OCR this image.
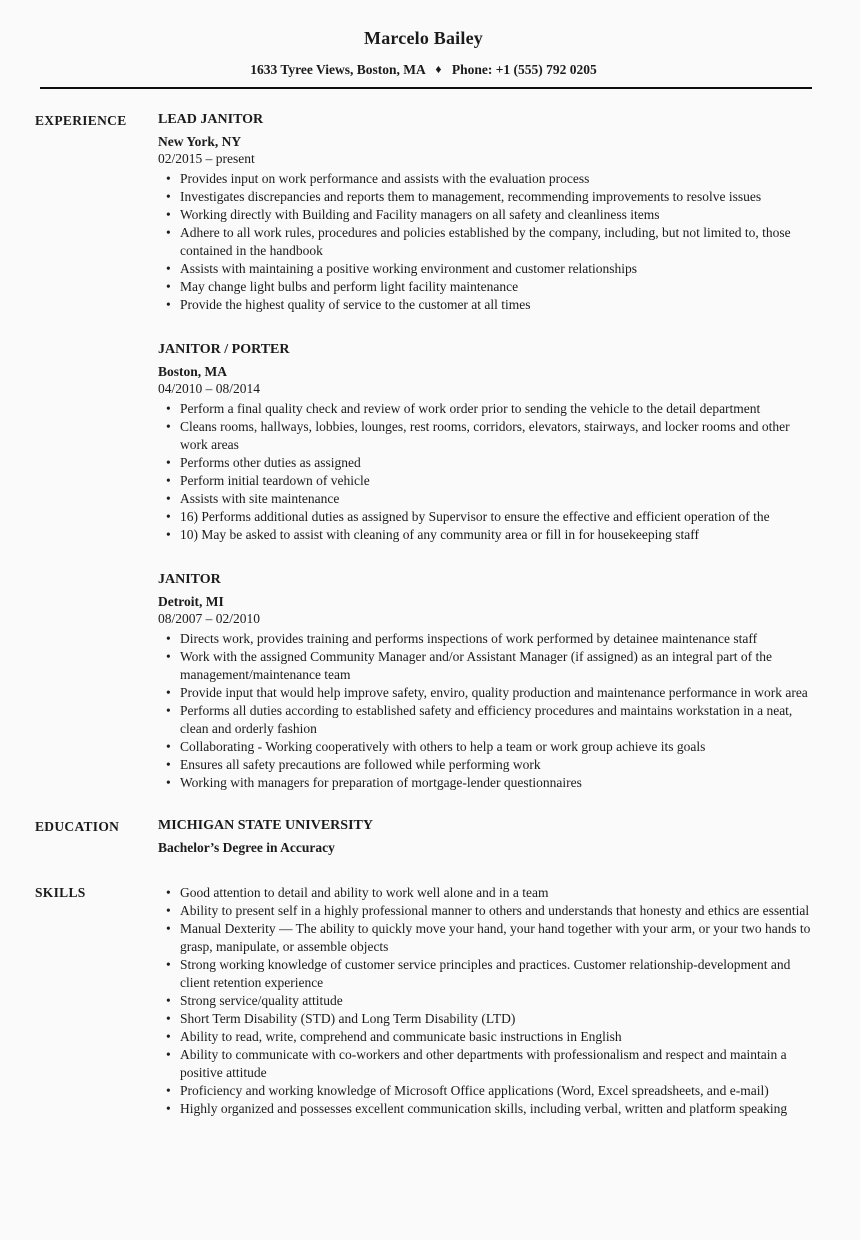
Marcelo Bailey

1633 Tyree Views, Boston, MA ♦ Phone: +1 (555) 792 0205

EXPERIENCE	LEAD JANITOR
New York, NY
02/2015 – present
• Provides input on work performance and assists with the evaluation process
• Investigates discrepancies and reports them to management, recommending improvements to resolve issues
• Working directly with Building and Facility managers on all safety and cleanliness items
• Adhere to all work rules, procedures and policies established by the company, including, but not limited to, those contained in the handbook
• Assists with maintaining a positive working environment and customer relationships
• May change light bulbs and perform light facility maintenance
• Provide the highest quality of service to the customer at all times
JANITOR / PORTER
Boston, MA
04/2010 – 08/2014
• Perform a final quality check and review of work order prior to sending the vehicle to the detail department
• Cleans rooms, hallways, lobbies, lounges, rest rooms, corridors, elevators, stairways, and locker rooms and other work areas
• Performs other duties as assigned
• Perform initial teardown of vehicle
• Assists with site maintenance
• 16) Performs additional duties as assigned by Supervisor to ensure the effective and efficient operation of the
• 10) May be asked to assist with cleaning of any community area or fill in for housekeeping staff
JANITOR
Detroit, MI
08/2007 – 02/2010
• Directs work, provides training and performs inspections of work performed by detainee maintenance staff
• Work with the assigned Community Manager and/or Assistant Manager (if assigned) as an integral part of the management/maintenance team
• Provide input that would help improve safety, enviro, quality production and maintenance performance in work area
• Performs all duties according to established safety and efficiency procedures and maintains workstation in a neat, clean and orderly fashion
• Collaborating - Working cooperatively with others to help a team or work group achieve its goals
• Ensures all safety precautions are followed while performing work
• Working with managers for preparation of mortgage-lender questionnaires
EDUCATION	MICHIGAN STATE UNIVERSITY
Bachelor’s Degree in Accuracy
SKILLS	• Good attention to detail and ability to work well alone and in a team
• Ability to present self in a highly professional manner to others and understands that honesty and ethics are essential
• Manual Dexterity — The ability to quickly move your hand, your hand together with your arm, or your two hands to grasp, manipulate, or assemble objects
• Strong working knowledge of customer service principles and practices. Customer relationship-development and client retention experience
• Strong service/quality attitude
• Short Term Disability (STD) and Long Term Disability (LTD)
• Ability to read, write, comprehend and communicate basic instructions in English
• Ability to communicate with co-workers and other departments with professionalism and respect and maintain a positive attitude
• Proficiency and working knowledge of Microsoft Office applications (Word, Excel spreadsheets, and e-mail)
• Highly organized and possesses excellent communication skills, including verbal, written and platform speaking
